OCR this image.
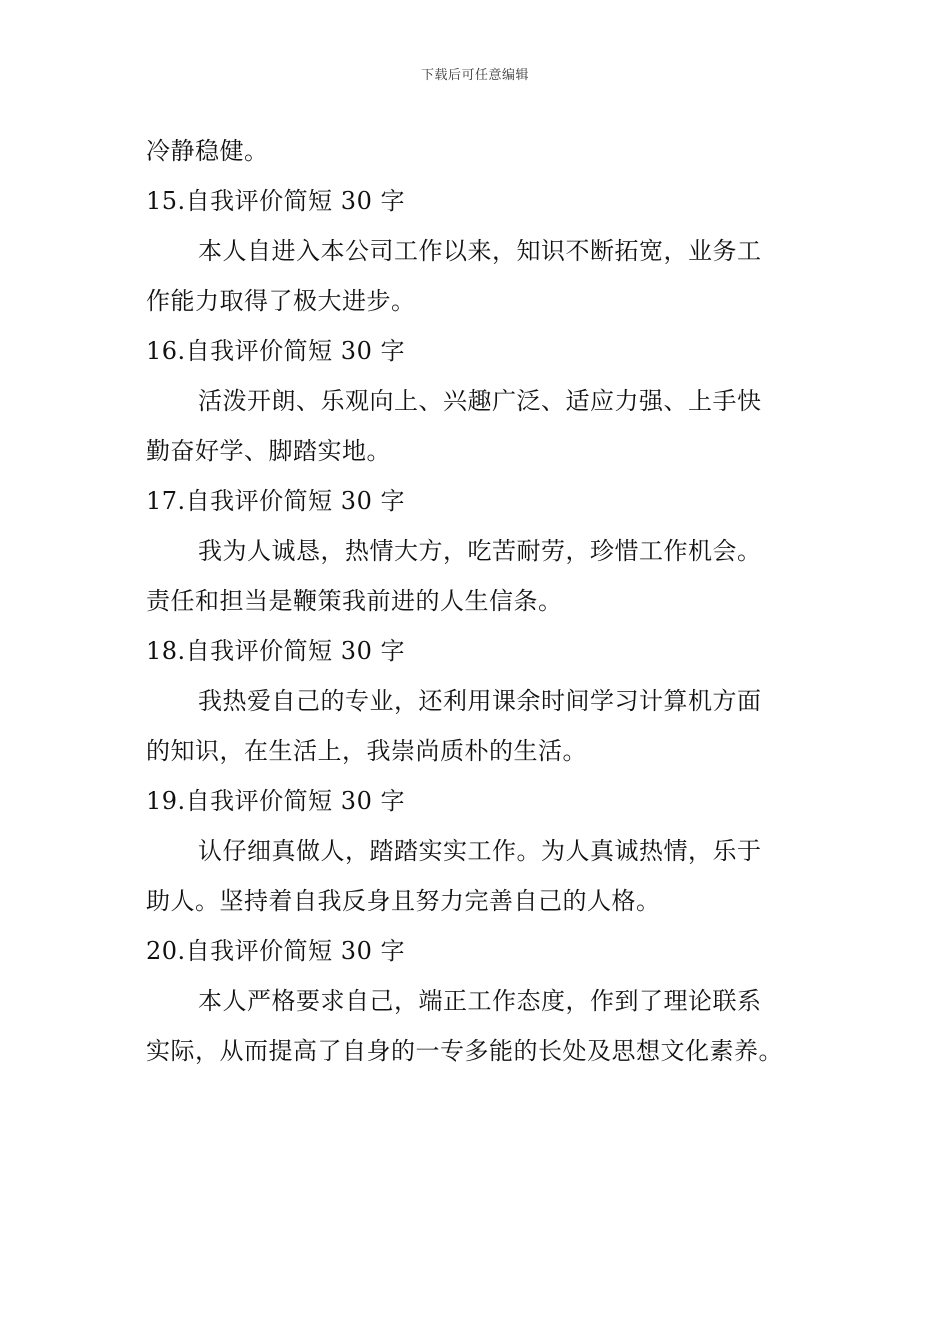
下载后可任意编辑
冷静稳健。
15.自我评价简短 30 字
本人自进入本公司工作以来，知识不断拓宽，业务工
作能力取得了极大进步。
16.自我评价简短 30 字
活泼开朗、乐观向上、兴趣广泛、适应力强、上手快
勤奋好学、脚踏实地。
17.自我评价简短 30 字
我为人诚恳，热情大方，吃苦耐劳，珍惜工作机会。
责任和担当是鞭策我前进的人生信条。
18.自我评价简短 30 字
我热爱自己的专业，还利用课余时间学习计算机方面
的知识，在生活上，我崇尚质朴的生活。
19.自我评价简短 30 字
认仔细真做人，踏踏实实工作。为人真诚热情，乐于
助人。坚持着自我反身且努力完善自己的人格。
20.自我评价简短 30 字
本人严格要求自己，端正工作态度，作到了理论联系
实际，从而提高了自身的一专多能的长处及思想文化素养。
